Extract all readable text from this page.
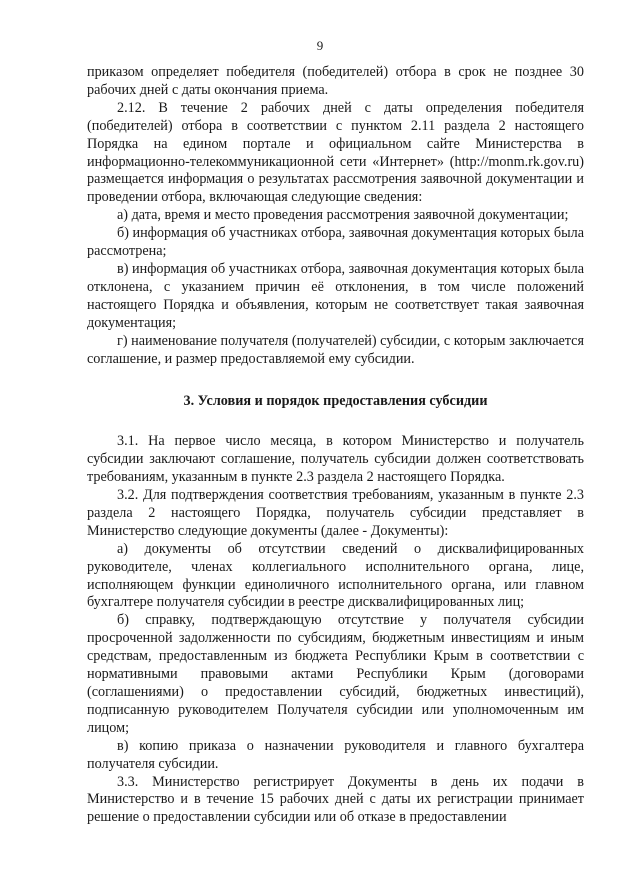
9

приказом определяет победителя (победителей) отбора в срок не позднее 30 рабочих дней с даты окончания приема.

2.12. В течение 2 рабочих дней с даты определения победителя (победителей) отбора в соответствии с пунктом 2.11 раздела 2 настоящего Порядка на едином портале и официальном сайте Министерства в информационно-телекоммуникационной сети «Интернет» (http://monm.rk.gov.ru) размещается информация о результатах рассмотрения заявочной документации и проведении отбора, включающая следующие сведения:

а) дата, время и место проведения рассмотрения заявочной документации;

б) информация об участниках отбора, заявочная документация которых была рассмотрена;

в) информация об участниках отбора, заявочная документация которых была отклонена, с указанием причин её отклонения, в том числе положений настоящего Порядка и объявления, которым не соответствует такая заявочная документация;

г) наименование получателя (получателей) субсидии, с которым заключается соглашение, и размер предоставляемой ему субсидии.

3. Условия и порядок предоставления субсидии

3.1. На первое число месяца, в котором Министерство и получатель субсидии заключают соглашение, получатель субсидии должен соответствовать требованиям, указанным в пункте 2.3 раздела 2 настоящего Порядка.

3.2. Для подтверждения соответствия требованиям, указанным в пункте 2.3 раздела 2 настоящего Порядка, получатель субсидии представляет в Министерство следующие документы (далее - Документы):

а) документы об отсутствии сведений о дисквалифицированных руководителе, членах коллегиального исполнительного органа, лице, исполняющем функции единоличного исполнительного органа, или главном бухгалтере получателя субсидии в реестре дисквалифицированных лиц;

б) справку, подтверждающую отсутствие у получателя субсидии просроченной задолженности по субсидиям, бюджетным инвестициям и иным средствам, предоставленным из бюджета Республики Крым в соответствии с нормативными правовыми актами Республики Крым (договорами (соглашениями) о предоставлении субсидий, бюджетных инвестиций), подписанную руководителем Получателя субсидии или уполномоченным им лицом;

в) копию приказа о назначении руководителя и главного бухгалтера получателя субсидии.

3.3. Министерство регистрирует Документы в день их подачи в Министерство и в течение 15 рабочих дней с даты их регистрации принимает решение о предоставлении субсидии или об отказе в предоставлении
